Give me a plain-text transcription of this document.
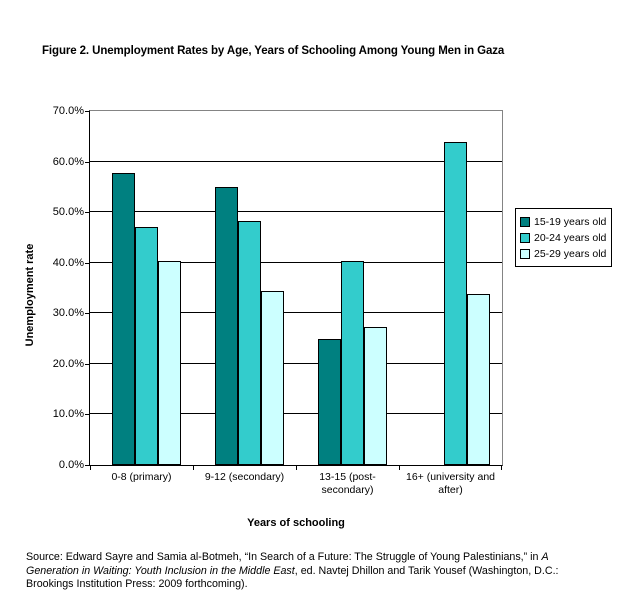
Figure 2. Unemployment Rates by Age, Years of Schooling Among Young Men in Gaza
Unemployment rate
70.0%
60.0%
50.0%
40.0%
30.0%
20.0%
10.0%
0.0%
0-8 (primary)	9-12 (secondary)	13-15 (post-secondary)
16+ (university and after)
Years of schooling
15-19 years old
20-24 years old
25-29 years old
Source: Edward Sayre and Samia al-Botmeh, “In Search of a Future: The Struggle of Young Palestinians,” in A Generation in Waiting: Youth Inclusion in the Middle East, ed. Navtej Dhillon and Tarik Yousef (Washington, D.C.: Brookings Institution Press: 2009 forthcoming).
